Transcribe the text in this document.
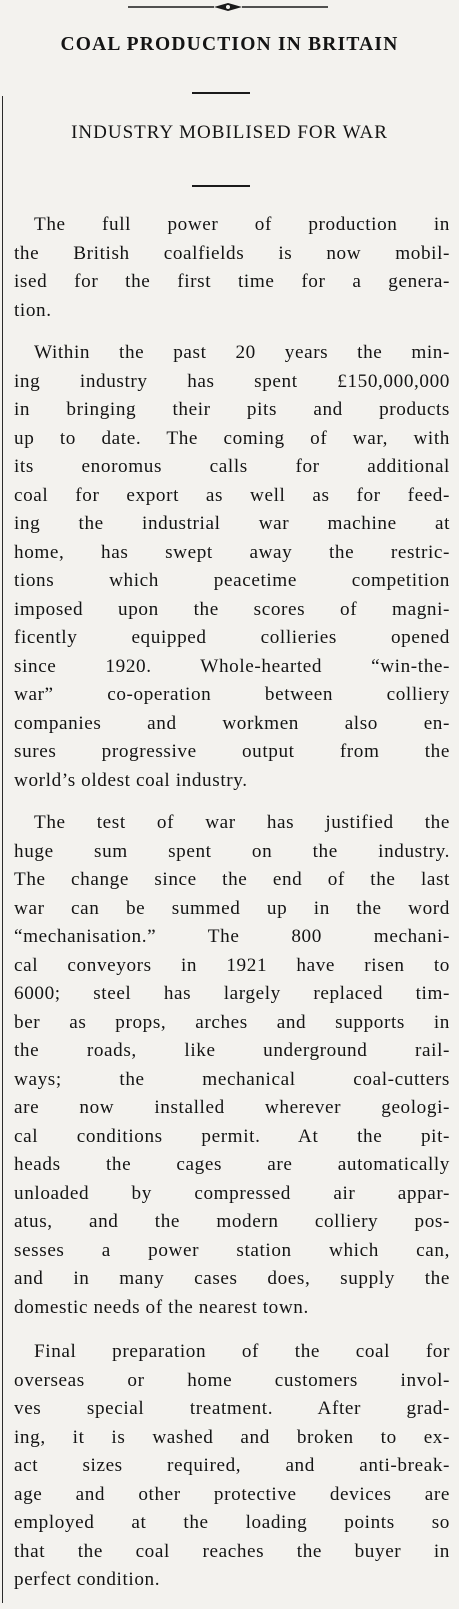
COAL PRODUCTION IN BRITAIN
INDUSTRY MOBILISED FOR WAR
The full power of production in
the British coalfields is now mobil-
ised for the first time for a genera-
tion.
Within the past 20 years the min-
ing industry has spent £150,000,000
in bringing their pits and products
up to date. The coming of war, with
its enoromus calls for additional
coal for export as well as for feed-
ing the industrial war machine at
home, has swept away the restric-
tions which peacetime competition
imposed upon the scores of magni-
ficently equipped collieries opened
since 1920. Whole-hearted “win-the-
war” co-operation between colliery
companies and workmen also en-
sures progressive output from the
world’s oldest coal industry.
The test of war has justified the
huge sum spent on the industry.
The change since the end of the last
war can be summed up in the word
“mechanisation.” The 800 mechani-
cal conveyors in 1921 have risen to
6000; steel has largely replaced tim-
ber as props, arches and supports in
the roads, like underground rail-
ways; the mechanical coal-cutters
are now installed wherever geologi-
cal conditions permit. At the pit-
heads the cages are automatically
unloaded by compressed air appar-
atus, and the modern colliery pos-
sesses a power station which can,
and in many cases does, supply the
domestic needs of the nearest town.
Final preparation of the coal for
overseas or home customers invol-
ves special treatment. After grad-
ing, it is washed and broken to ex-
act sizes required, and anti-break-
age and other protective devices are
employed at the loading points so
that the coal reaches the buyer in
perfect condition.
